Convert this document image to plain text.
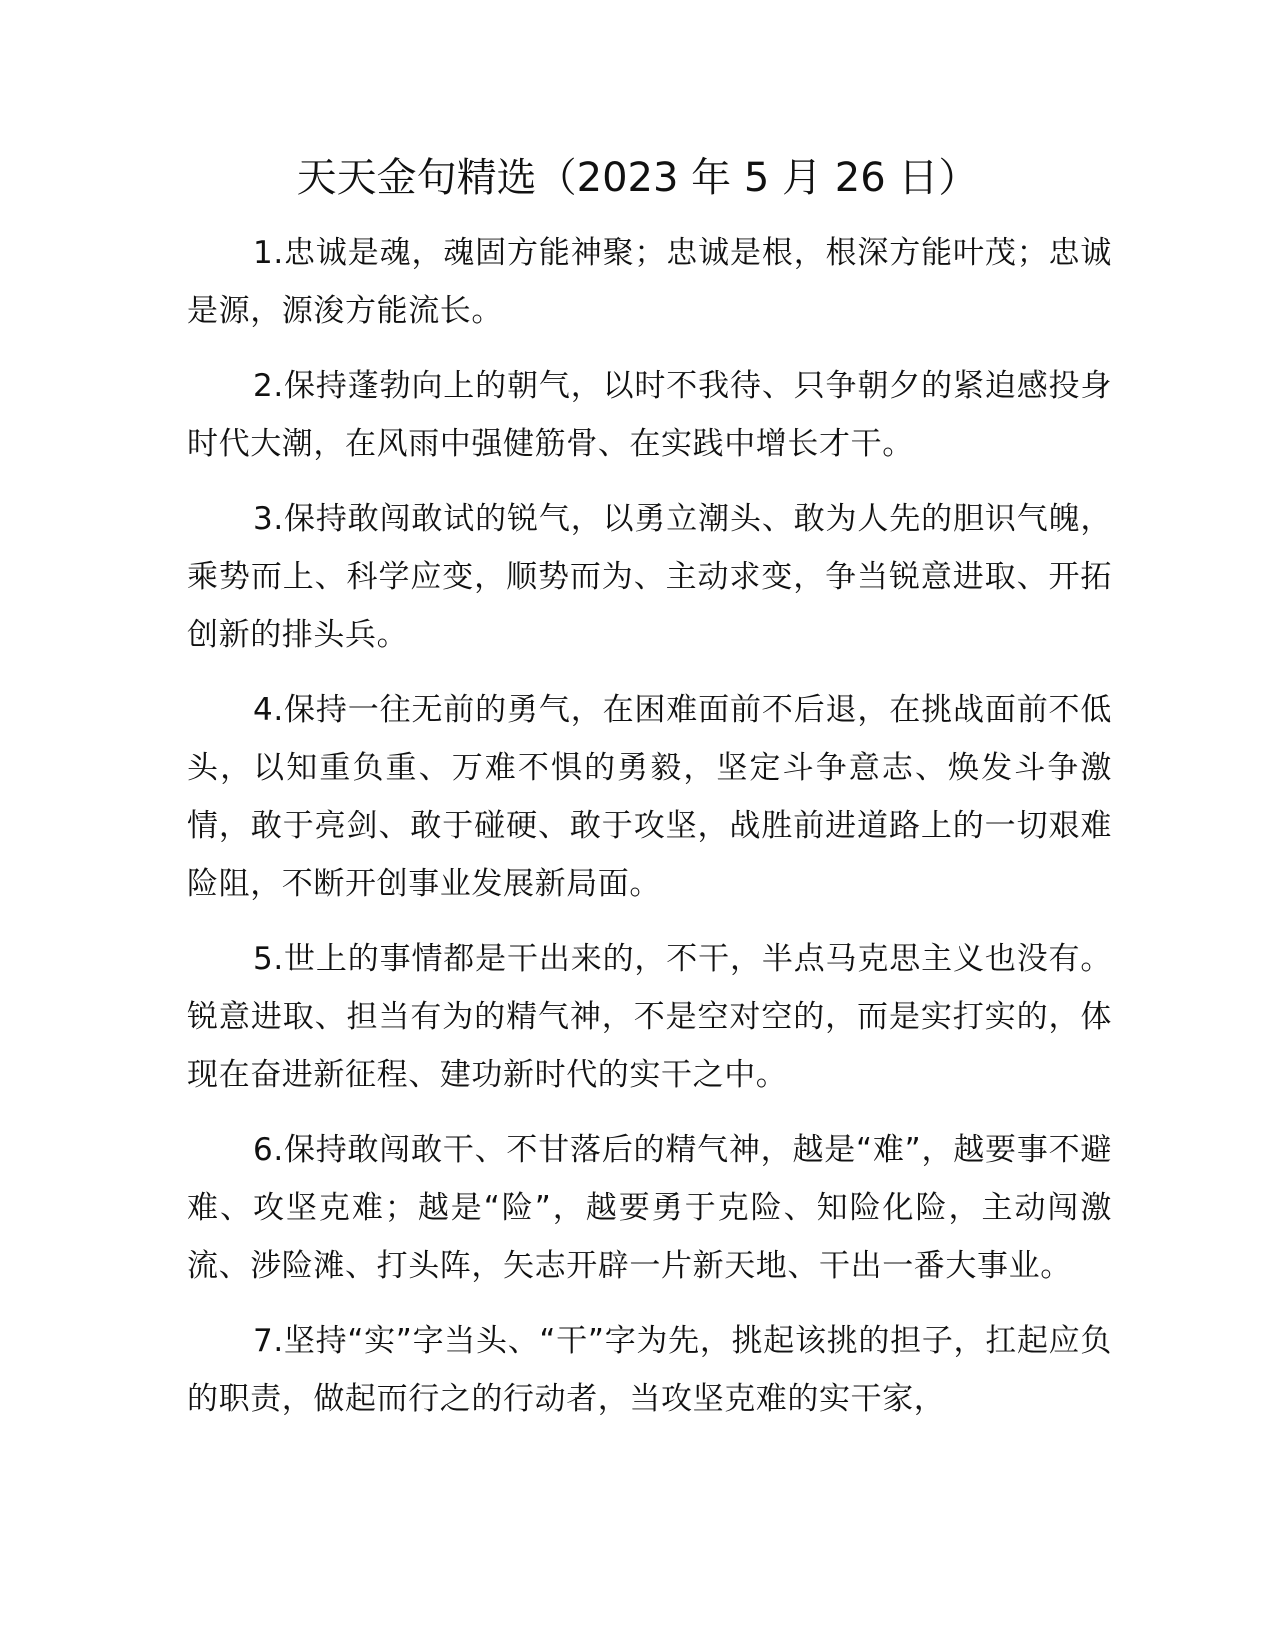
天天金句精选（2023 年 5 月 26 日）

1.忠诚是魂，魂固方能神聚；忠诚是根，根深方能叶茂；忠诚是源，源浚方能流长。

2.保持蓬勃向上的朝气，以时不我待、只争朝夕的紧迫感投身时代大潮，在风雨中强健筋骨、在实践中增长才干。

3.保持敢闯敢试的锐气，以勇立潮头、敢为人先的胆识气魄，乘势而上、科学应变，顺势而为、主动求变，争当锐意进取、开拓创新的排头兵。

4.保持一往无前的勇气，在困难面前不后退，在挑战面前不低头，以知重负重、万难不惧的勇毅，坚定斗争意志、焕发斗争激情，敢于亮剑、敢于碰硬、敢于攻坚，战胜前进道路上的一切艰难险阻，不断开创事业发展新局面。

5.世上的事情都是干出来的，不干，半点马克思主义也没有。锐意进取、担当有为的精气神，不是空对空的，而是实打实的，体现在奋进新征程、建功新时代的实干之中。

6.保持敢闯敢干、不甘落后的精气神，越是“难”，越要事不避难、攻坚克难；越是“险”，越要勇于克险、知险化险，主动闯激流、涉险滩、打头阵，矢志开辟一片新天地、干出一番大事业。

7.坚持“实”字当头、“干”字为先，挑起该挑的担子，扛起应负的职责，做起而行之的行动者，当攻坚克难的实干家，
